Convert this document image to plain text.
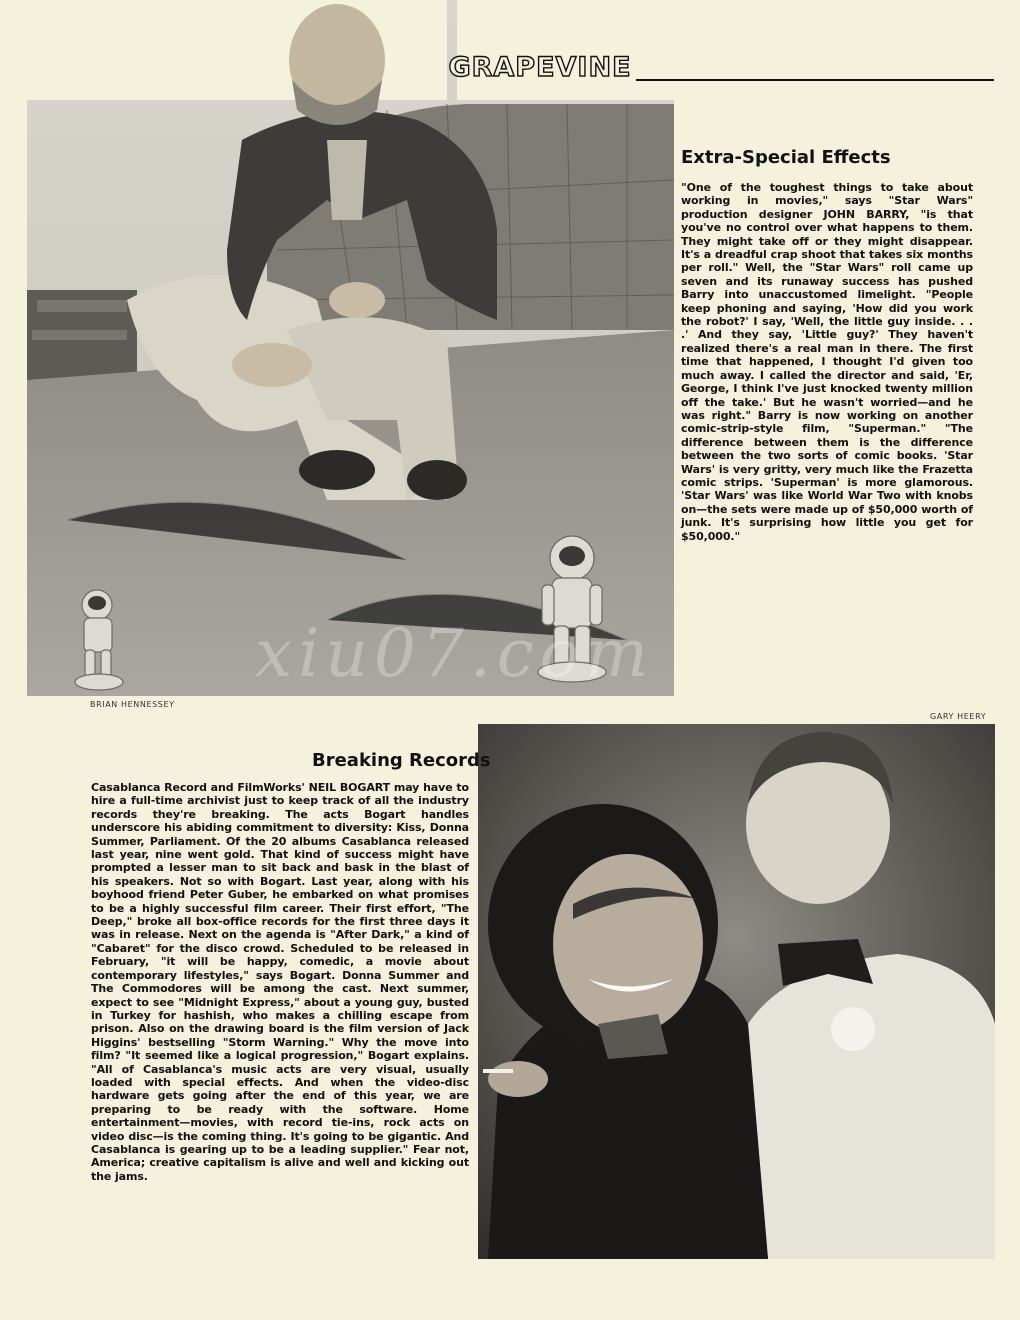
GRAPEVINE
xiu07.com
BRIAN HENNESSEY
Extra-Special Effects
"One of the toughest things to take about working in movies," says "Star Wars" production designer JOHN BARRY, "is that you've no control over what happens to them. They might take off or they might disappear. It's a dreadful crap shoot that takes six months per roll." Well, the "Star Wars" roll came up seven and its runaway success has pushed Barry into unaccustomed limelight. "People keep phoning and saying, 'How did you work the robot?' I say, 'Well, the little guy inside. . . .' And they say, 'Little guy?' They haven't realized there's a real man in there. The first time that happened, I thought I'd given too much away. I called the director and said, 'Er, George, I think I've just knocked twenty million off the take.' But he wasn't worried—and he was right." Barry is now working on another comic-strip-style film, "Superman." "The difference between them is the difference between the two sorts of comic books. 'Star Wars' is very gritty, very much like the Frazetta comic strips. 'Superman' is more glamorous. 'Star Wars' was like World War Two with knobs on—the sets were made up of $50,000 worth of junk. It's surprising how little you get for $50,000."
GARY HEERY
Breaking Records
Casablanca Record and FilmWorks' NEIL BOGART may have to hire a full-time archivist just to keep track of all the industry records they're breaking. The acts Bogart handles underscore his abiding commitment to diversity: Kiss, Donna Summer, Parliament. Of the 20 albums Casablanca released last year, nine went gold. That kind of success might have prompted a lesser man to sit back and bask in the blast of his speakers. Not so with Bogart. Last year, along with his boyhood friend Peter Guber, he embarked on what promises to be a highly successful film career. Their first effort, "The Deep," broke all box-office records for the first three days it was in release. Next on the agenda is "After Dark," a kind of "Cabaret" for the disco crowd. Scheduled to be released in February, "it will be happy, comedic, a movie about contemporary lifestyles," says Bogart. Donna Summer and The Commodores will be among the cast. Next summer, expect to see "Midnight Express," about a young guy, busted in Turkey for hashish, who makes a chilling escape from prison. Also on the drawing board is the film version of Jack Higgins' bestselling "Storm Warning." Why the move into film? "It seemed like a logical progression," Bogart explains. "All of Casablanca's music acts are very visual, usually loaded with special effects. And when the video-disc hardware gets going after the end of this year, we are preparing to be ready with the software. Home entertainment—movies, with record tie-ins, rock acts on video disc—is the coming thing. It's going to be gigantic. And Casablanca is gearing up to be a leading supplier." Fear not, America; creative capitalism is alive and well and kicking out the jams.
